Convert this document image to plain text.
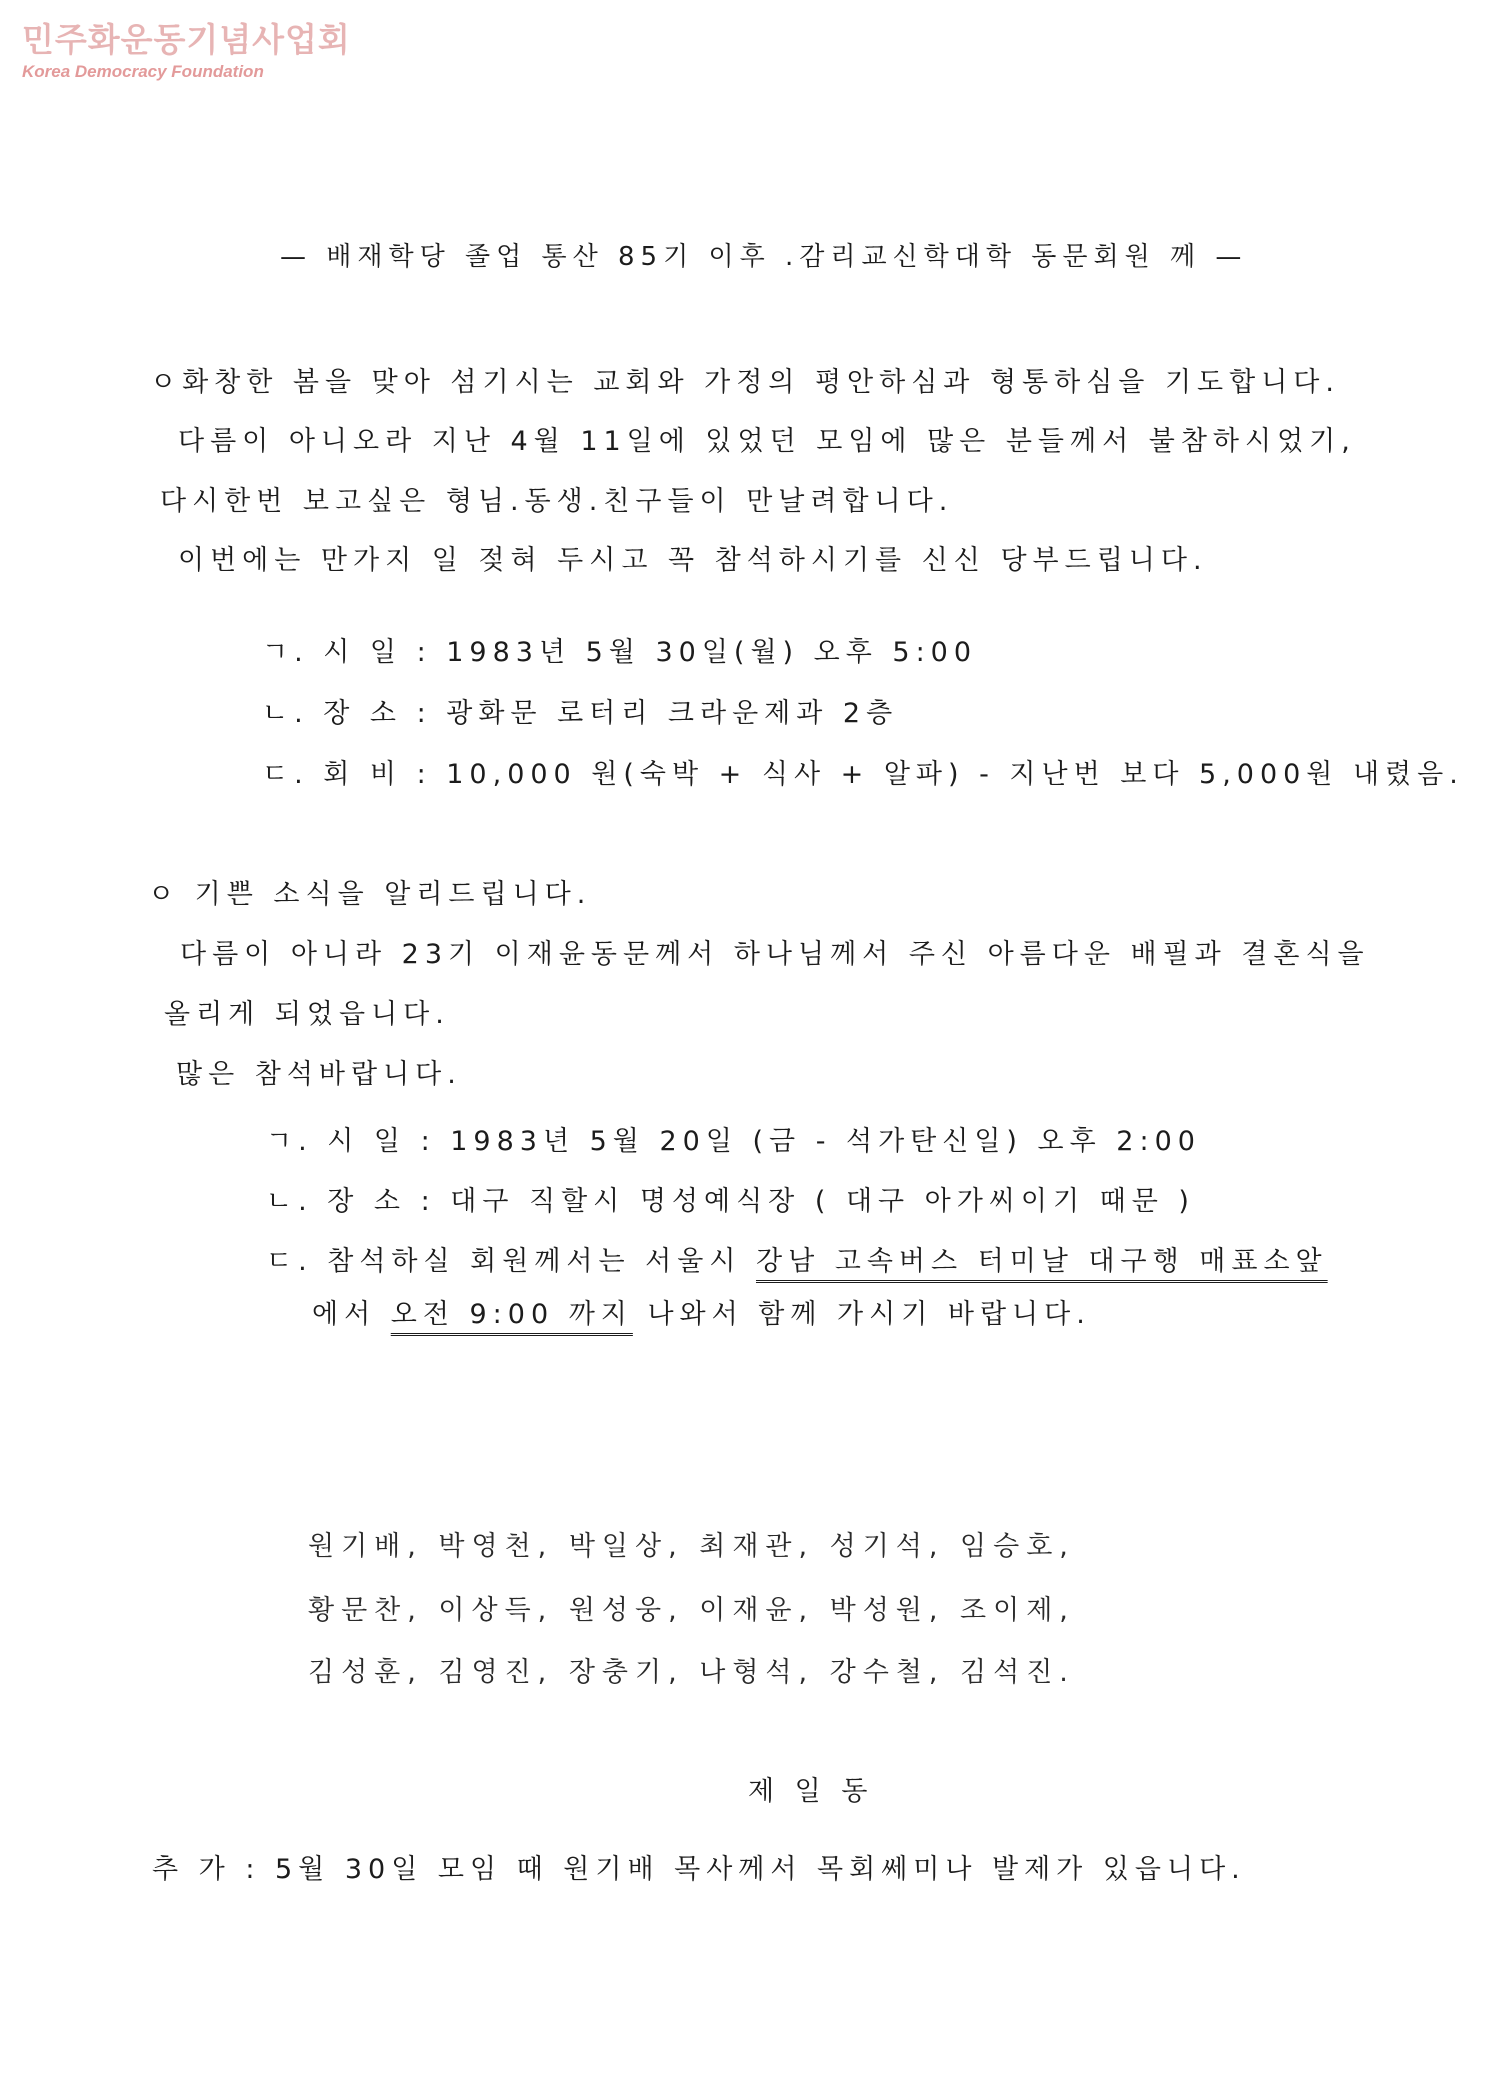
민주화운동기념사업회
Korea Democracy Foundation
— 배재학당 졸업 통산 85기 이후 .감리교신학대학 동문회원 께 —
ㅇ화창한 봄을 맞아 섬기시는 교회와 가정의 평안하심과 형통하심을 기도합니다.
다름이 아니오라 지난 4월 11일에 있었던 모임에 많은 분들께서 불참하시었기,
다시한번 보고싶은 형님.동생.친구들이 만날려합니다.
이번에는 만가지 일 젖혀 두시고 꼭 참석하시기를 신신 당부드립니다.
ㄱ. 시 일 : 1983년 5월 30일(월) 오후 5:00
ㄴ. 장 소 : 광화문 로터리 크라운제과 2층
ㄷ. 회 비 : 10,000 원(숙박 + 식사 + 알파) - 지난번 보다 5,000원 내렸음.
ㅇ 기쁜 소식을 알리드립니다.
다름이 아니라 23기 이재윤동문께서 하나님께서 주신 아름다운 배필과 결혼식을
올리게 되었읍니다.
많은 참석바랍니다.
ㄱ. 시 일 : 1983년 5월 20일 (금 - 석가탄신일) 오후 2:00
ㄴ. 장 소 : 대구 직할시 명성예식장 ( 대구 아가씨이기 때문 )
ㄷ. 참석하실 회원께서는 서울시 강남 고속버스 터미날 대구행 매표소앞
에서 오전 9:00 까지 나와서 함께 가시기 바랍니다.
원기배, 박영천, 박일상, 최재관, 성기석, 임승호,
황문찬, 이상득, 원성웅, 이재윤, 박성원, 조이제,
김성훈, 김영진, 장충기, 나형석, 강수철, 김석진.
제 일 동
추 가 : 5월 30일 모임 때 원기배 목사께서 목회쎄미나 발제가 있읍니다.
